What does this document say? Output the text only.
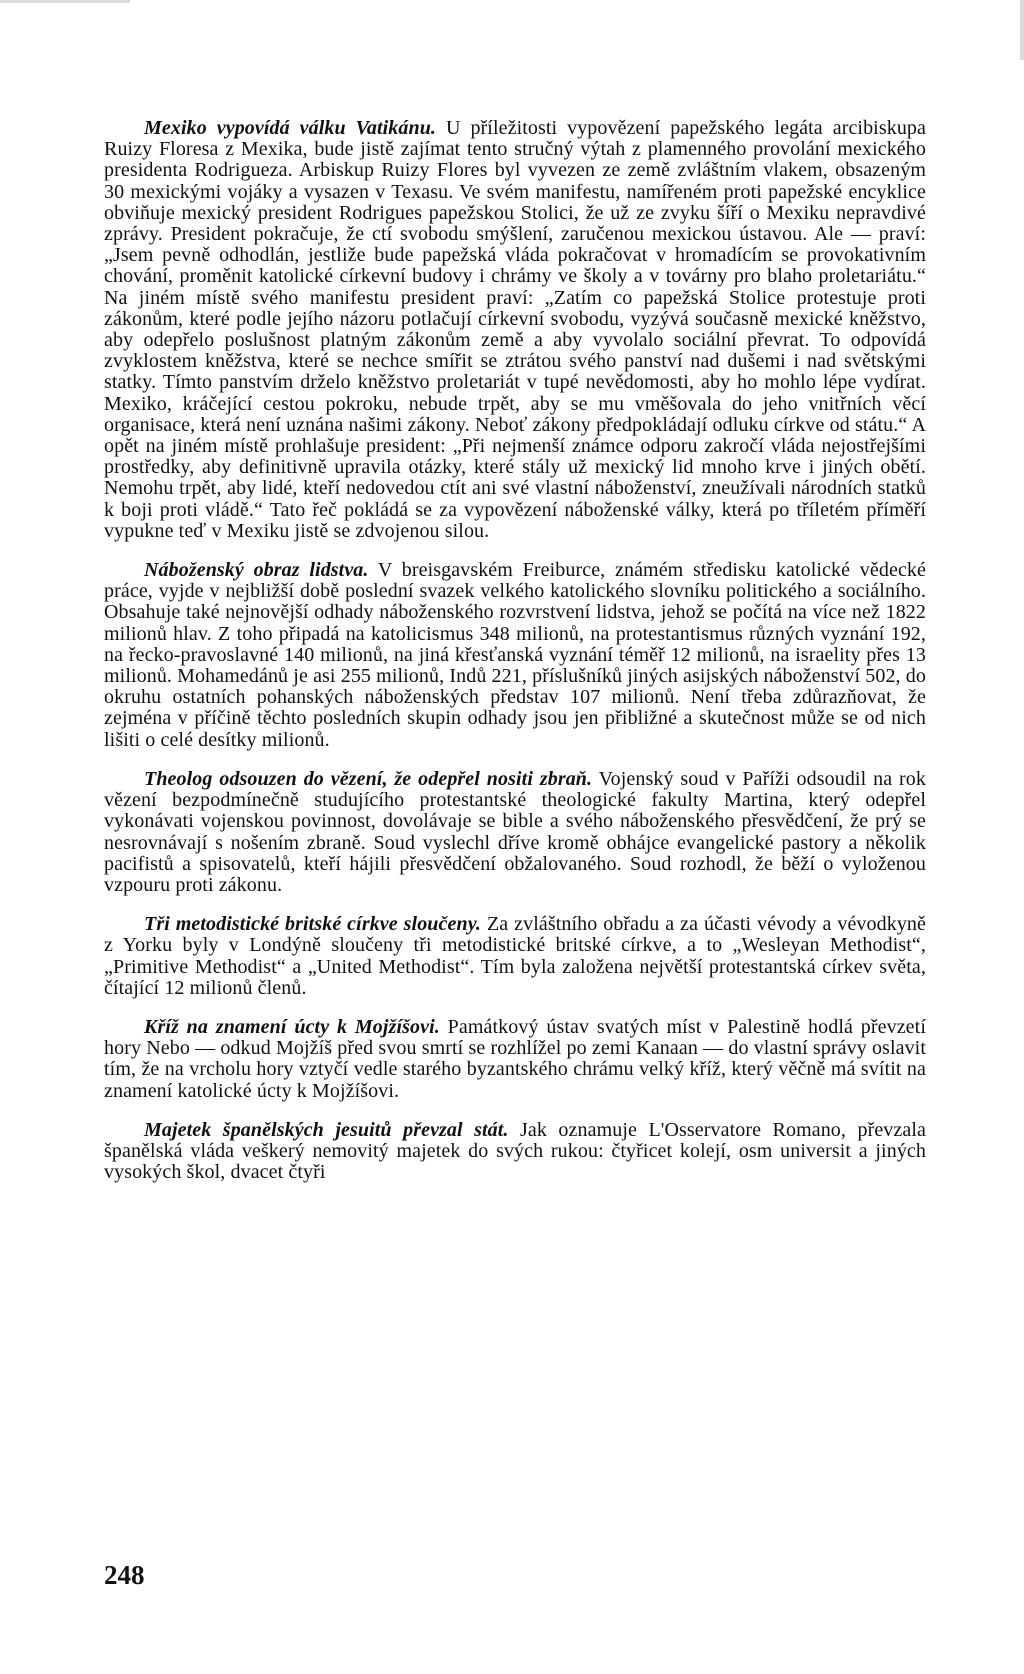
Mexiko vypovídá válku Vatikánu. U příležitosti vypovězení papežského legáta arcibiskupa Ruizy Floresa z Mexika, bude jistě zajímat tento stručný výtah z plamenného provolání mexického presidenta Rodrigueza. Arbiskup Ruizy Flores byl vyvezen ze země zvláštním vlakem, obsazeným 30 mexickými vojáky a vysazen v Texasu. Ve svém manifestu, namířeném proti papežské encyklice obviňuje mexický president Rodrigues papežskou Stolici, že už ze zvyku šíří o Mexiku nepravdivé zprávy. President pokračuje, že ctí svobodu smýšlení, zaručenou mexickou ústavou. Ale — praví: „Jsem pevně odhodlán, jestliže bude papežská vláda pokračovat v hromadícím se provokativním chování, proměnit katolické církevní budovy i chrámy ve školy a v továrny pro blaho proletariátu.“ Na jiném místě svého manifestu president praví: „Zatím co papežská Stolice protestuje proti zákonům, které podle jejího názoru potlačují církevní svobodu, vyzývá současně mexické kněžstvo, aby odepřelo poslušnost platným zákonům země a aby vyvolalo sociální převrat. To odpovídá zvyklostem kněžstva, které se nechce smířit se ztrátou svého panství nad dušemi i nad světskými statky. Tímto panstvím drželo kněžstvo proletariát v tupé nevědomosti, aby ho mohlo lépe vydírat. Mexiko, kráčející cestou pokroku, nebude trpět, aby se mu vměšovala do jeho vnitřních věcí organisace, která není uznána našimi zákony. Neboť zákony předpokládají odluku církve od státu.“ A opět na jiném místě prohlašuje president: „Při nejmenší známce odporu zakročí vláda nejostřejšími prostředky, aby definitivně upravila otázky, které stály už mexický lid mnoho krve i jiných obětí. Nemohu trpět, aby lidé, kteří nedovedou ctít ani své vlastní náboženství, zneužívali národních statků k boji proti vládě.“ Tato řeč pokládá se za vypovězení náboženské války, která po tříletém příměří vypukne teď v Mexiku jistě se zdvojenou silou.

Náboženský obraz lidstva. V breisgavském Freiburce, známém středisku katolické vědecké práce, vyjde v nejbližší době poslední svazek velkého katolického slovníku politického a sociálního. Obsahuje také nejnovější odhady náboženského rozvrstvení lidstva, jehož se počítá na více než 1822 milionů hlav. Z toho připadá na katolicismus 348 milionů, na protestantismus různých vyznání 192, na řecko-pravoslavné 140 milionů, na jiná křesťanská vyznání téměř 12 milionů, na israelity přes 13 milionů. Mohamedánů je asi 255 milionů, Indů 221, příslušníků jiných asijských náboženství 502, do okruhu ostatních pohanských náboženských představ 107 milionů. Není třeba zdůrazňovat, že zejména v příčině těchto posledních skupin odhady jsou jen přibližné a skutečnost může se od nich lišiti o celé desítky milionů.

Theolog odsouzen do vězení, že odepřel nositi zbraň. Vojenský soud v Paříži odsoudil na rok vězení bezpodmínečně studujícího protestantské theologické fakulty Martina, který odepřel vykonávati vojenskou povinnost, dovolávaje se bible a svého náboženského přesvědčení, že prý se nesrovnávají s nošením zbraně. Soud vyslechl dříve kromě obhájce evangelické pastory a několik pacifistů a spisovatelů, kteří hájili přesvědčení obžalovaného. Soud rozhodl, že běží o vyloženou vzpouru proti zákonu.

Tři metodistické britské církve sloučeny. Za zvláštního obřadu a za účasti vévody a vévodkyně z Yorku byly v Londýně sloučeny tři metodistické britské církve, a to „Wesleyan Methodist“, „Primitive Methodist“ a „United Methodist“. Tím byla založena největší protestantská církev světa, čítající 12 milionů členů.

Kříž na znamení úcty k Mojžíšovi. Památkový ústav svatých míst v Palestině hodlá převzetí hory Nebo — odkud Mojžíš před svou smrtí se rozhlížel po zemi Kanaan — do vlastní správy oslavit tím, že na vrcholu hory vztyčí vedle starého byzantského chrámu velký kříž, který věčně má svítit na znamení katolické úcty k Mojžíšovi.

Majetek španělských jesuitů převzal stát. Jak oznamuje L'Osservatore Romano, převzala španělská vláda veškerý nemovitý majetek do svých rukou: čtyřicet kolejí, osm universit a jiných vysokých škol, dvacet čtyři

248
